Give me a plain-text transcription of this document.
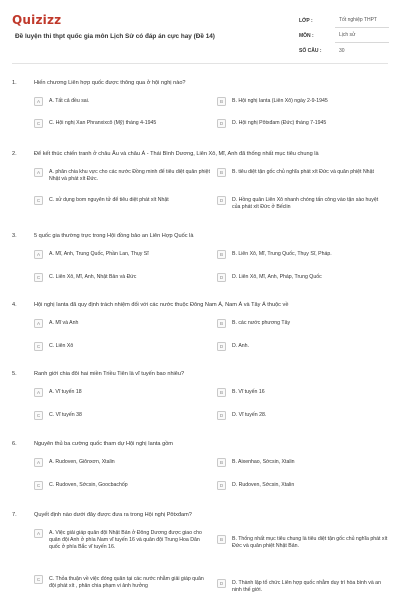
Quizizz
Đề luyện thi thpt quốc gia môn Lịch Sử có đáp án cực hay (Đề 14)
LỚP :	Tốt nghiệp THPT
MÔN :	Lịch sử
SỐ CÂU :	30
1.	Hiến chương Liên hợp quốc được thông qua ở hội nghị nào?
A	A. Tất cả đều sai.	B	B. Hội nghị Ianta (Liên Xô) ngày 2-9-1945
C	C. Hội nghị Xan Phranxixcô (Mỹ) tháng 4-1945	D	D. Hội nghị Pôtxđam (Đức) tháng 7-1945
2.	Để kết thúc chiến tranh ở châu Âu và châu Á - Thái Bình Dương, Liên Xô, Mĩ, Anh đã thống nhất mục tiêu chung là
A	A. phân chia khu vực cho các nước Đồng minh để tiêu diệt quân phiệt Nhật và phát xít Đức.
B	B. tiêu diệt tận gốc chủ nghĩa phát xít Đức và quân phiệt Nhật
C	C. sử dụng bom nguyên tử để tiêu diệt phát xít Nhật	D	D. Hồng quân Liên Xô nhanh chóng tấn công vào tận sào huyệt của phát xít Đức ở Bếclin
3.	5 quốc gia thường trực trong Hội đồng bảo an Liên Hợp Quốc là
A	A. Mĩ, Anh, Trung Quốc, Phần Lan, Thụy Sĩ	B	B. Liên Xô, Mĩ, Trung Quốc, Thụy Sĩ, Pháp.
C	C. Liên Xô, Mĩ, Anh, Nhật Bản và Đức	D	D. Liên Xô, Mĩ, Anh, Pháp, Trung Quốc
4.	Hội nghị Ianta đã quy định trách nhiệm đối với các nước thuộc Đông Nam Á, Nam Á và Tây Á thuộc về
A	A. Mĩ và Anh	B	B. các nước phương Tây
C	C. Liên Xô	D	D. Anh.
5.	Ranh giới chia đôi hai miền Triều Tiên là vĩ tuyến bao nhiêu?
A	A. Vĩ tuyến 18	B	B. Vĩ tuyến 16
C	C. Vĩ tuyến 38	D	D. Vĩ tuyến 28.
6.	Nguyên thủ ba cường quốc tham dự Hội nghị Ianta gồm
A	A. Rudoven, Giônxơn, Xtalin	B	B. Aixenhao, Sớcsin, Xtalin
C	C. Rudoven, Sớcsin, Goocbachốp	D	D. Rudoven, Sớcsin, Xtalin
7.	Quyết định nào dưới đây được đưa ra trong Hội nghị Pôtxđam?
A	A. Việc giải giáp quân đội Nhật Bản ở Đông Dương được giao cho quân đội Anh ở phía Nam vĩ tuyến 16 và quân đội Trung Hoa Dân quốc ở phía Bắc vĩ tuyến 16.
B	B. Thống nhất mục tiêu chung là tiêu diệt tận gốc chủ nghĩa phát xít Đức và quân phiệt Nhật Bản.
C	C. Thỏa thuận về việc đóng quân tại các nước nhằm giải giáp quân đội phát xít , phân chia phạm vi ảnh hưởng	D	D. Thành lập tổ chức Liên hợp quốc nhằm duy trì hòa bình và an ninh thế giới.
